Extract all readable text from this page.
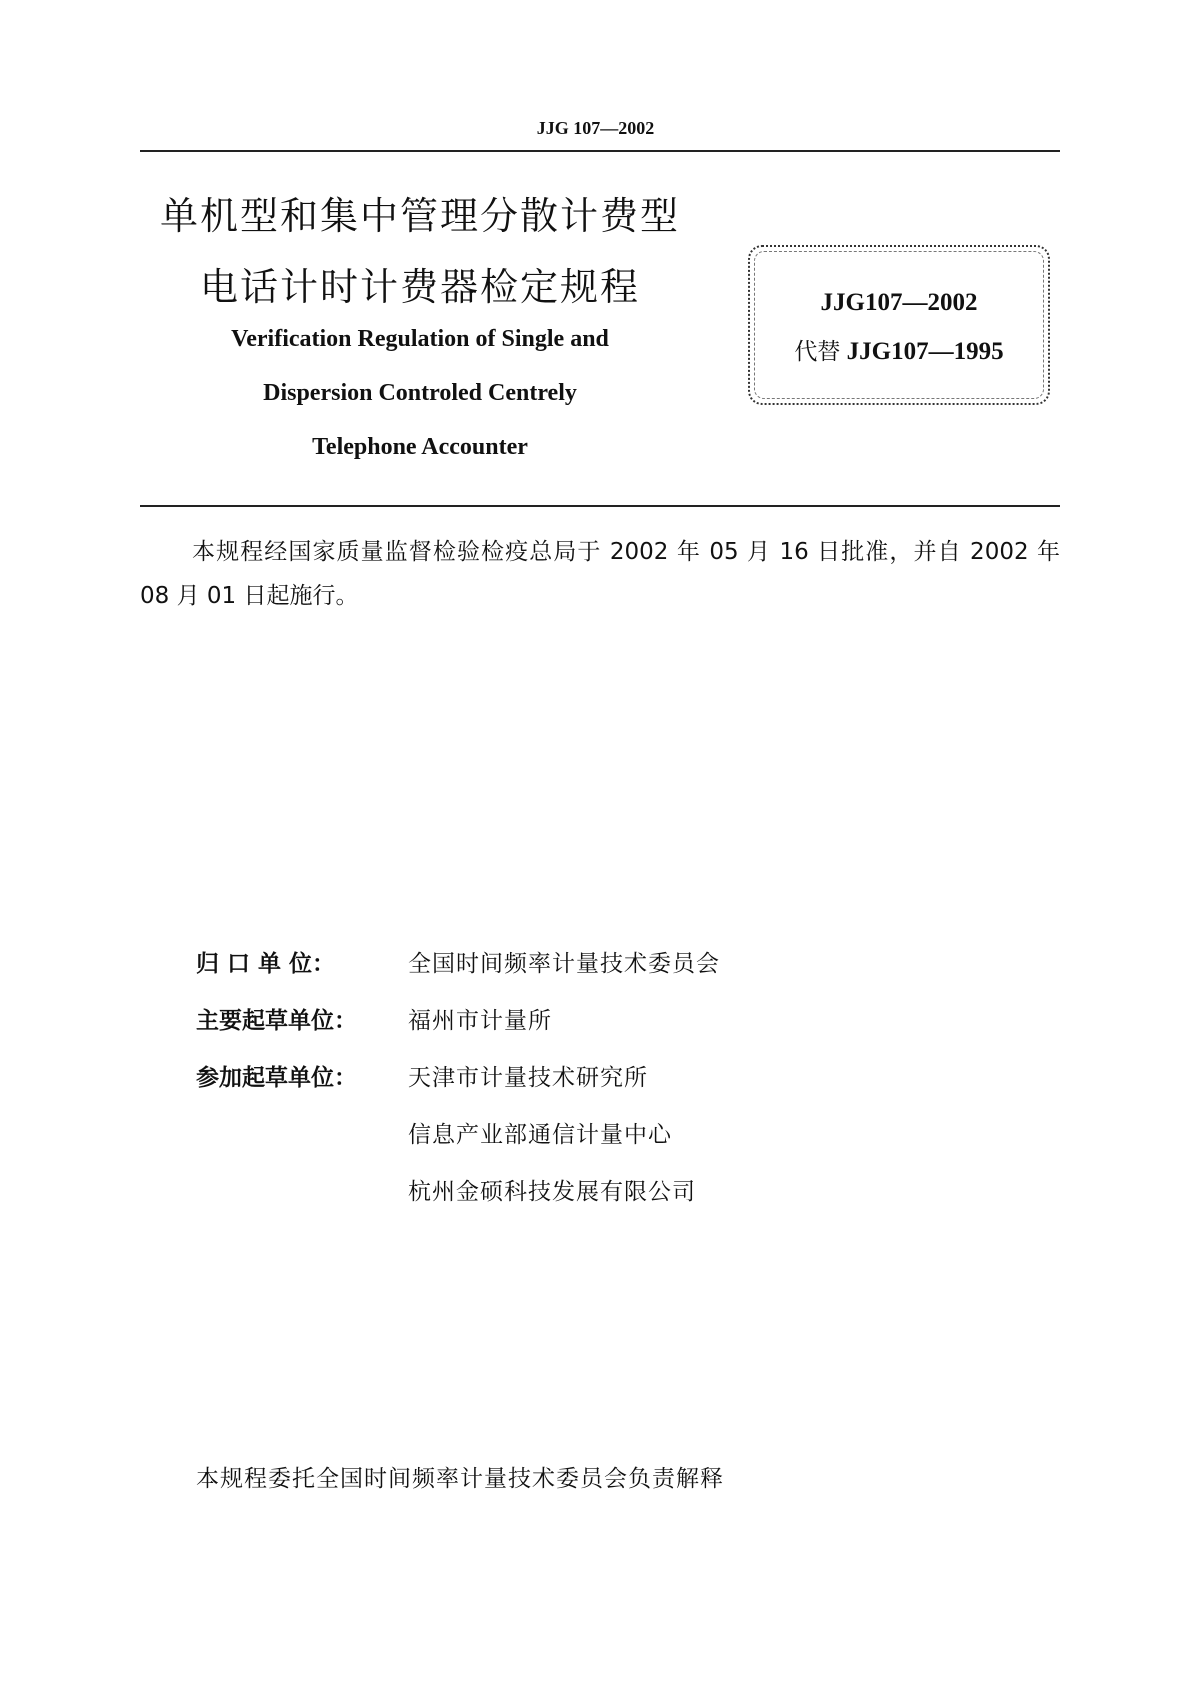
JJG 107—2002
单机型和集中管理分散计费型
电话计时计费器检定规程
Verification Regulation of Single and
Dispersion Controled Centrely
Telephone Accounter
JJG107—2002
代替 JJG107—1995
本规程经国家质量监督检验检疫总局于 2002 年 05 月 16 日批准，并自 2002 年 08 月 01 日起施行。
归 口 单 位：	全国时间频率计量技术委员会
主要起草单位：	福州市计量所
参加起草单位：	天津市计量技术研究所
信息产业部通信计量中心
杭州金硕科技发展有限公司
本规程委托全国时间频率计量技术委员会负责解释
